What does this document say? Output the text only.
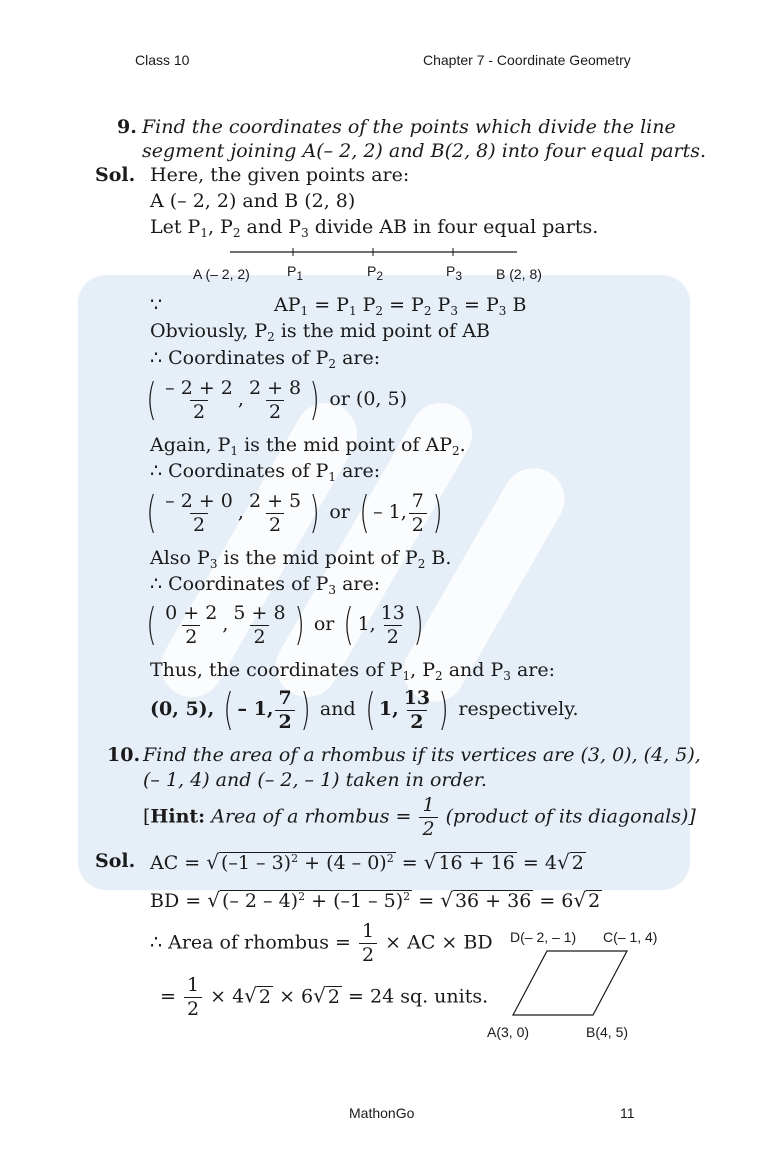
Class 10	Chapter 7 - Coordinate Geometry
9. Find the coordinates of the points which divide the line
segment joining A(– 2, 2) and B(2, 8) into four equal parts.
Sol. Here, the given points are:
A (– 2, 2) and B (2, 8)
Let $P_1$, $P_2$ and $P_3$ divide AB in four equal parts.
A (– 2, 2)	$P_1$	$P_2$	$P_3$ B (2, 8)
∵	$AP_1 = P_1$ $P_2 = P_2$ $P_3 = P_3$ B
Obviously, $P_2$ is the mid point of AB
∴ Coordinates of $P_2$ are:
( $\frac{- 2 + 2}{2}$ , $\frac{2 + 8}{2}$ ) or (0, 5)
Again, $P_1$ is the mid point of $AP_2$.
∴ Coordinates of $P_1$ are:
( $\frac{- 2 + 0}{2}$ , $\frac{2 + 5}{2}$ ) or ( – 1, $\frac{7}{2}$ )
Also $P_3$ is the mid point of $P_2$ B.
∴ Coordinates of $P_3$ are:
( $\frac{0 + 2}{2}$ , $\frac{5 + 8}{2}$ ) or ( 1, $\frac{13}{2}$ )
Thus, the coordinates of $P_1$, $P_2$ and $P_3$ are:
(0, 5), ( – 1, $\frac{7}{2}$ ) and ( 1, $\frac{13}{2}$ ) respectively.
10. Find the area of a rhombus if its vertices are (3, 0), (4, 5),
(– 1, 4) and (– 2, – 1) taken in order.
[Hint: Area of a rhombus = $\frac{1}{2}$ (product of its diagonals)]
Sol. AC = √ (–1 – 3)$^2$ + (4 – 0)$^2$ = √ 16 + 16 = 4√ 2
BD = √ (– 2 – 4)$^2$ + (–1 – 5)$^2$ = √ 36 + 36 = 6√ 2
∴ Area of rhombus = $\frac{1}{2}$ × AC × BD
= $\frac{1}{2} \times 4√$ 2 × 6√ 2 = 24 sq. units.
D(– 2, – 1) C(– 1, 4)
A(3, 0)	B(4, 5)
MathonGo	11
